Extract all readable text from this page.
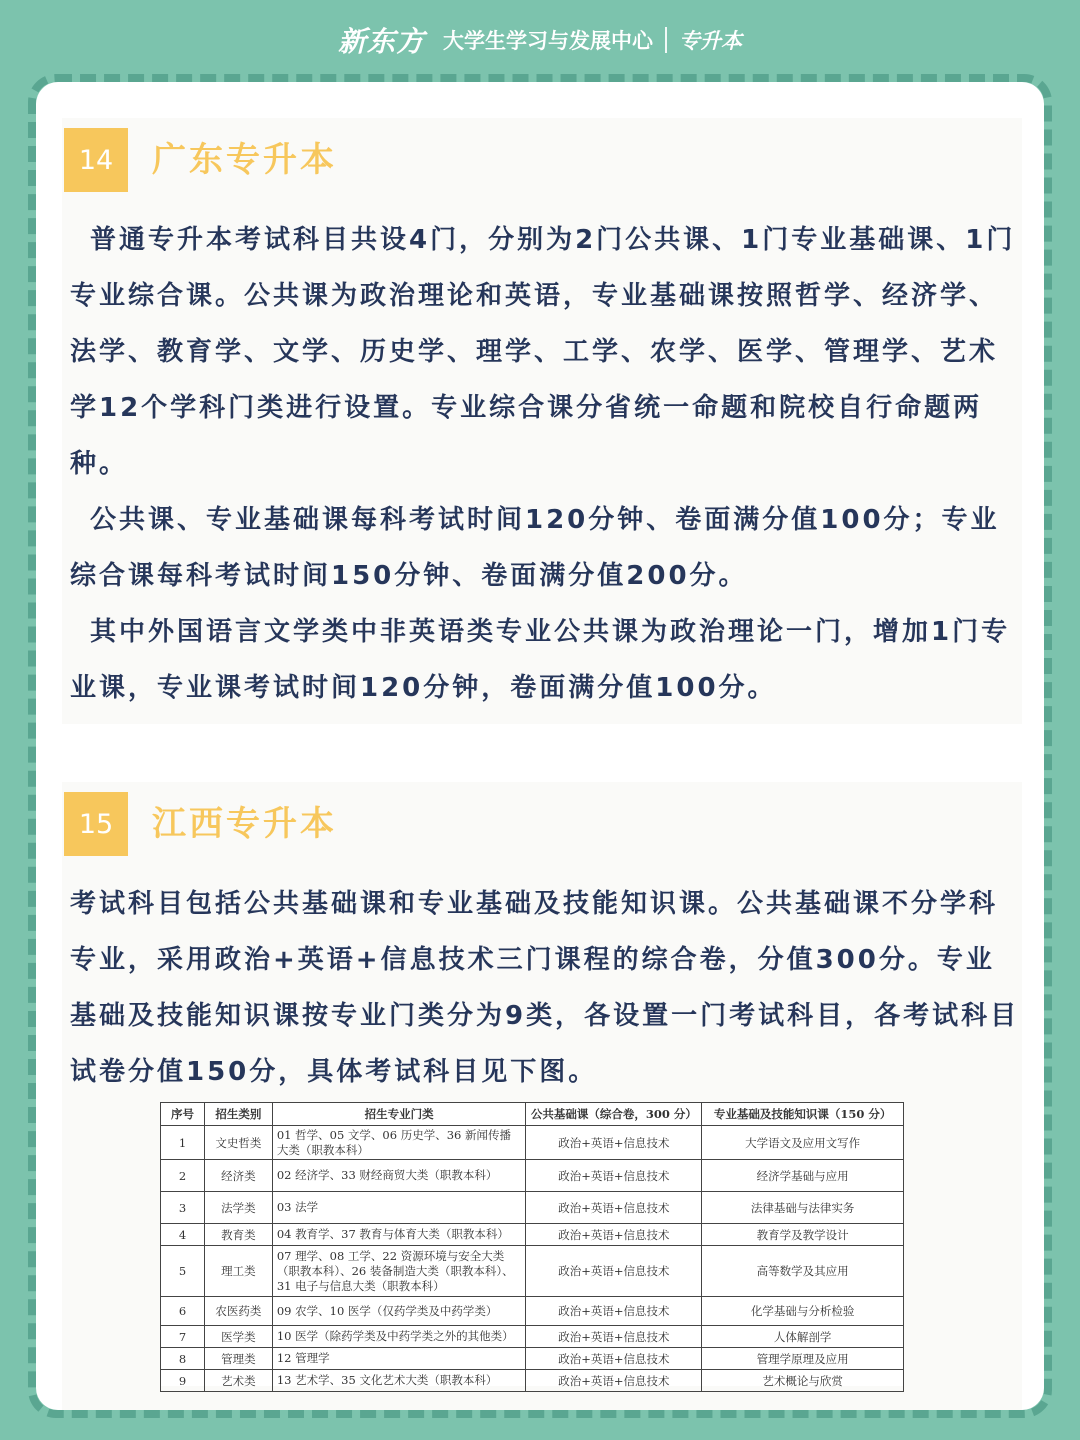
新东方 大学生学习与发展中心 专升本
14	广东专升本

普通专升本考试科目共设4门，分别为2门公共课、1门专业基础课、1门专业综合课。公共课为政治理论和英语，专业基础课按照哲学、经济学、法学、教育学、文学、历史学、理学、工学、农学、医学、管理学、艺术学12个学科门类进行设置。专业综合课分省统一命题和院校自行命题两种。

公共课、专业基础课每科考试时间120分钟、卷面满分值100分；专业综合课每科考试时间150分钟、卷面满分值200分。

其中外国语言文学类中非英语类专业公共课为政治理论一门，增加1门专业课，专业课考试时间120分钟，卷面满分值100分。

15	江西专升本

考试科目包括公共基础课和专业基础及技能知识课。公共基础课不分学科专业，采用政治+英语+信息技术三门课程的综合卷，分值300分。专业基础及技能知识课按专业门类分为9类，各设置一门考试科目，各考试科目试卷分值150分，具体考试科目见下图。

序号	招生类别	招生专业门类	公共基础课（综合卷，300 分）	专业基础及技能知识课（150 分）
1	文史哲类	01 哲学、05 文学、06 历史学、36 新闻传播大类（职教本科）	政治+英语+信息技术	大学语文及应用文写作
2	经济类	02 经济学、33 财经商贸大类（职教本科）	政治+英语+信息技术	经济学基础与应用
3	法学类	03 法学	政治+英语+信息技术	法律基础与法律实务
4	教育类	04 教育学、37 教育与体育大类（职教本科）	政治+英语+信息技术	教育学及教学设计
5	理工类	07 理学、08 工学、22 资源环境与安全大类（职教本科）、26 装备制造大类（职教本科）、31 电子与信息大类（职教本科）	政治+英语+信息技术	高等数学及其应用
6	农医药类	09 农学、10 医学（仅药学类及中药学类）	政治+英语+信息技术	化学基础与分析检验
7	医学类	10 医学（除药学类及中药学类之外的其他类）	政治+英语+信息技术	人体解剖学
8	管理类	12 管理学	政治+英语+信息技术	管理学原理及应用
9	艺术类	13 艺术学、35 文化艺术大类（职教本科）	政治+英语+信息技术	艺术概论与欣赏
